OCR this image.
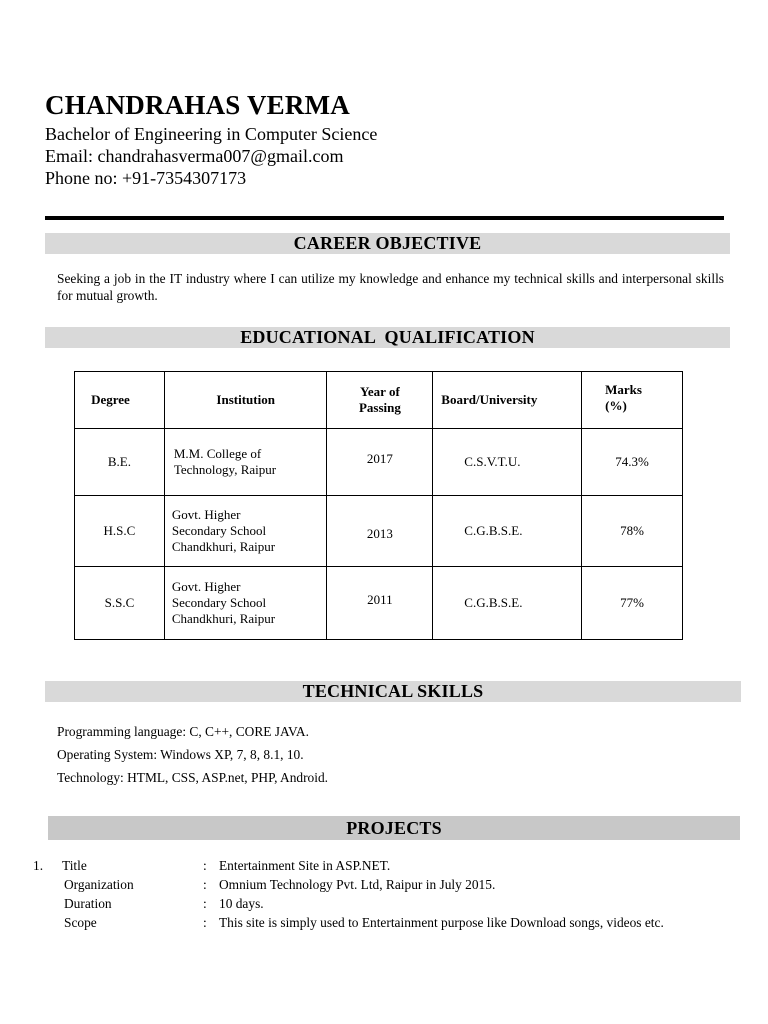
CHANDRAHAS VERMA
Bachelor of Engineering in Computer Science
Email: chandrahasverma007@gmail.com
Phone no: +91-7354307173
CAREER OBJECTIVE
Seeking a job in the IT industry where I can utilize my knowledge and enhance my technical skills and interpersonal skills for mutual growth.
EDUCATIONAL  QUALIFICATION
Degree	Institution	Year of Passing	Board/University	Marks (%)

B.E.	M.M. College of
Technology, Raipur	2017	C.S.V.T.U.	74.3%
H.S.C	Govt. Higher
Secondary School
Chandkhuri, Raipur	2013	C.G.B.S.E.	78%
S.S.C	Govt. Higher
Secondary School
Chandkhuri, Raipur	2011	C.G.B.S.E.	77%
TECHNICAL SKILLS
Programming language: C, C++, CORE JAVA.
Operating System: Windows XP, 7, 8, 8.1, 10.
Technology: HTML, CSS, ASP.net, PHP, Android.
PROJECTS
1. Title	: Entertainment Site in ASP.NET.
Organization	: Omnium Technology Pvt. Ltd, Raipur in July 2015.
Duration	: 10 days.
Scope	: This site is simply used to Entertainment purpose like Download songs, videos etc.
